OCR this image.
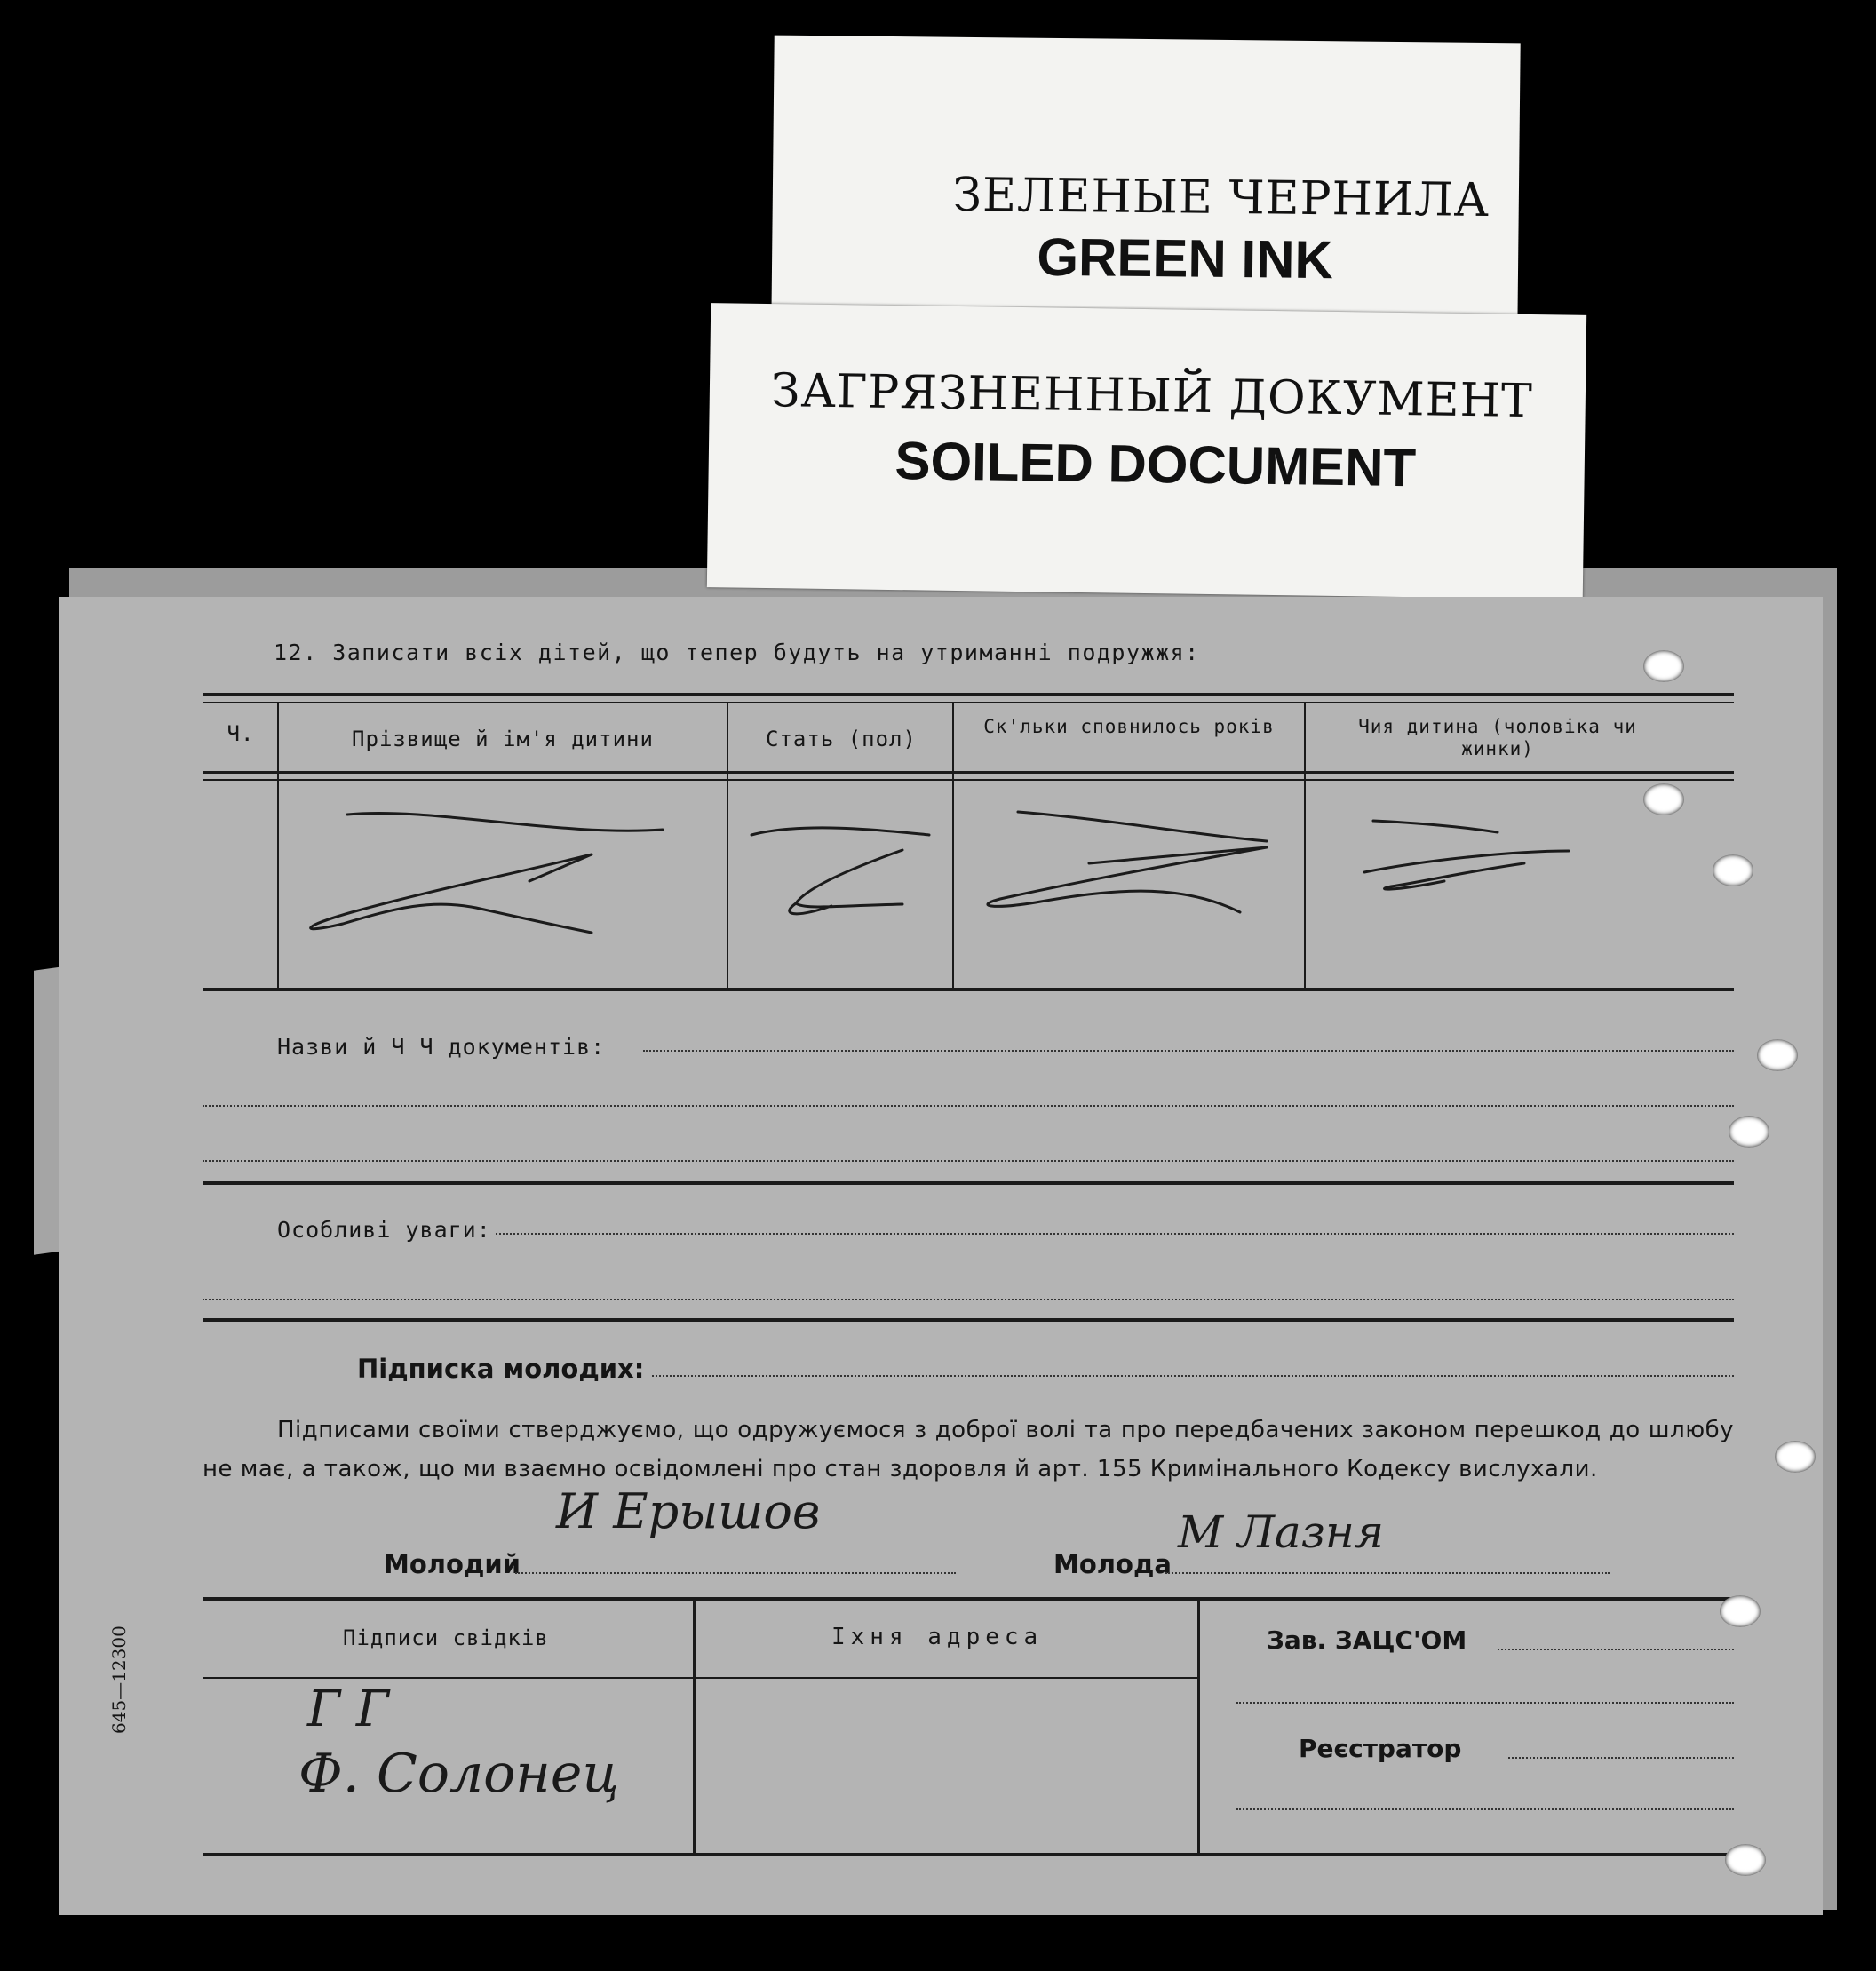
ЗЕЛЕНЫЕ ЧЕРНИЛА
GREEN INK
ЗАГРЯЗНЕННЫЙ ДОКУМЕНТ
SOILED DOCUMENT
12. Записати всіх дітей, що тепер будуть на утриманні подружжя:
Ч.	Прізвище й ім'я дитини	Стать (пол)	Ск'льки сповнилось років	Чия дитина (чоловіка чи жинки)
Назви й Ч Ч документів:
Особливі уваги:
Підписка молодих:
Підписами своїми стверджуємо, що одружуємося з доброї волі та про передбачених законом перешкод до шлюбу не має, а також, що ми взаємно освідомлені про стан здоровля й арт. 155 Кримінального Кодексу вислухали.
Молодий
И Ерышов
Молода
М Лазня
Підписи свідків	Іхня адреса
Г Г
Ф. Солонец
Зав. ЗАЦС'ОМ
Реєстратор
645—12300
